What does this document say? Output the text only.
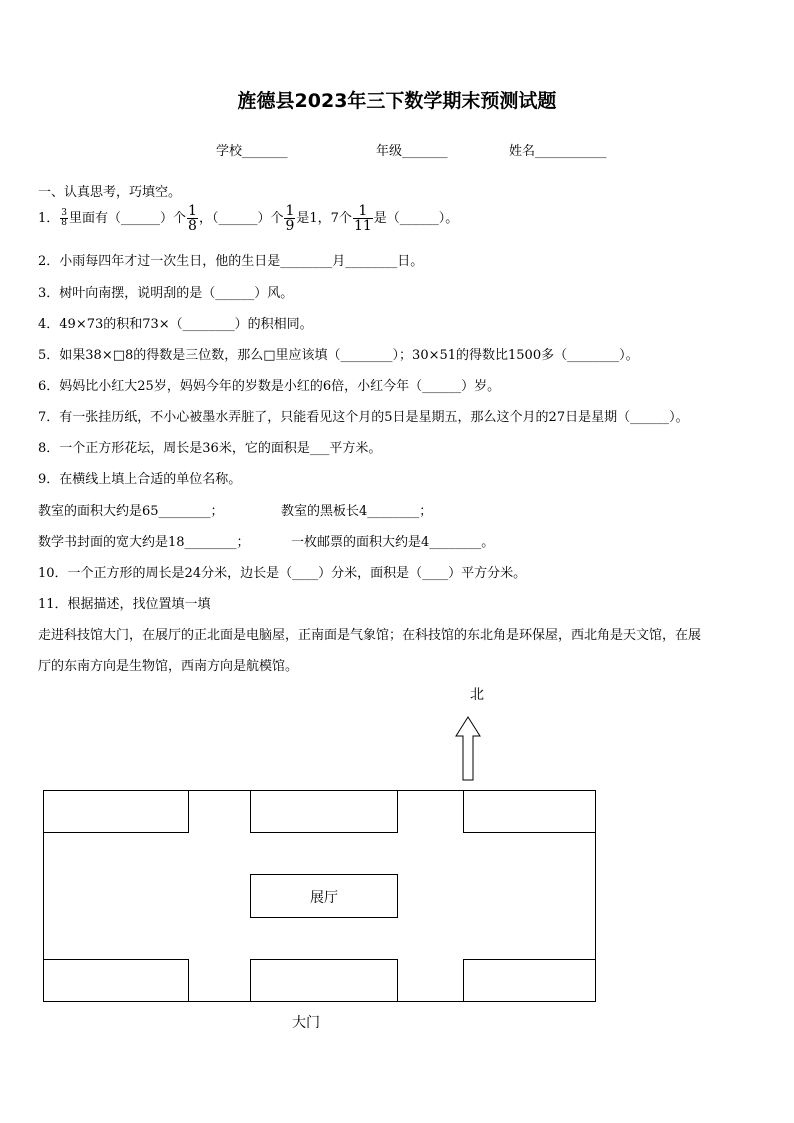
旌德县2023年三下数学期末预测试题
学校_______	年级_______	姓名___________
一、认真思考，巧填空。
1． $\frac{3}{8}$ 里面有（______）个 $\frac{1}{8}$ ，（______）个 $\frac{1}{9}$ 是1，7个 $\frac{1}{11}$ 是（______）。
2．小雨每四年才过一次生日，他的生日是________月________日。
3．树叶向南摆，说明刮的是（______）风。
4．49×73的积和73×（________）的积相同。
5．如果38×□8的得数是三位数，那么□里应该填（________）；30×51的得数比1500多（________）。
6．妈妈比小红大25岁，妈妈今年的岁数是小红的6倍，小红今年（______）岁。
7．有一张挂历纸，不小心被墨水弄脏了，只能看见这个月的5日是星期五，那么这个月的27日是星期（______）。
8．一个正方形花坛，周长是36米，它的面积是___平方米。
9．在横线上填上合适的单位名称。
教室的面积大约是65________；	教室的黑板长4________；
数学书封面的宽大约是18________；	一枚邮票的面积大约是4________。
10．一个正方形的周长是24分米，边长是（____）分米，面积是（____）平方分米。
11．根据描述，找位置填一填
走进科技馆大门，在展厅的正北面是电脑屋，正南面是气象馆；在科技馆的东北角是环保屋，西北角是天文馆，在展
厅的东南方向是生物馆，西南方向是航模馆。
北
展厅
大门
